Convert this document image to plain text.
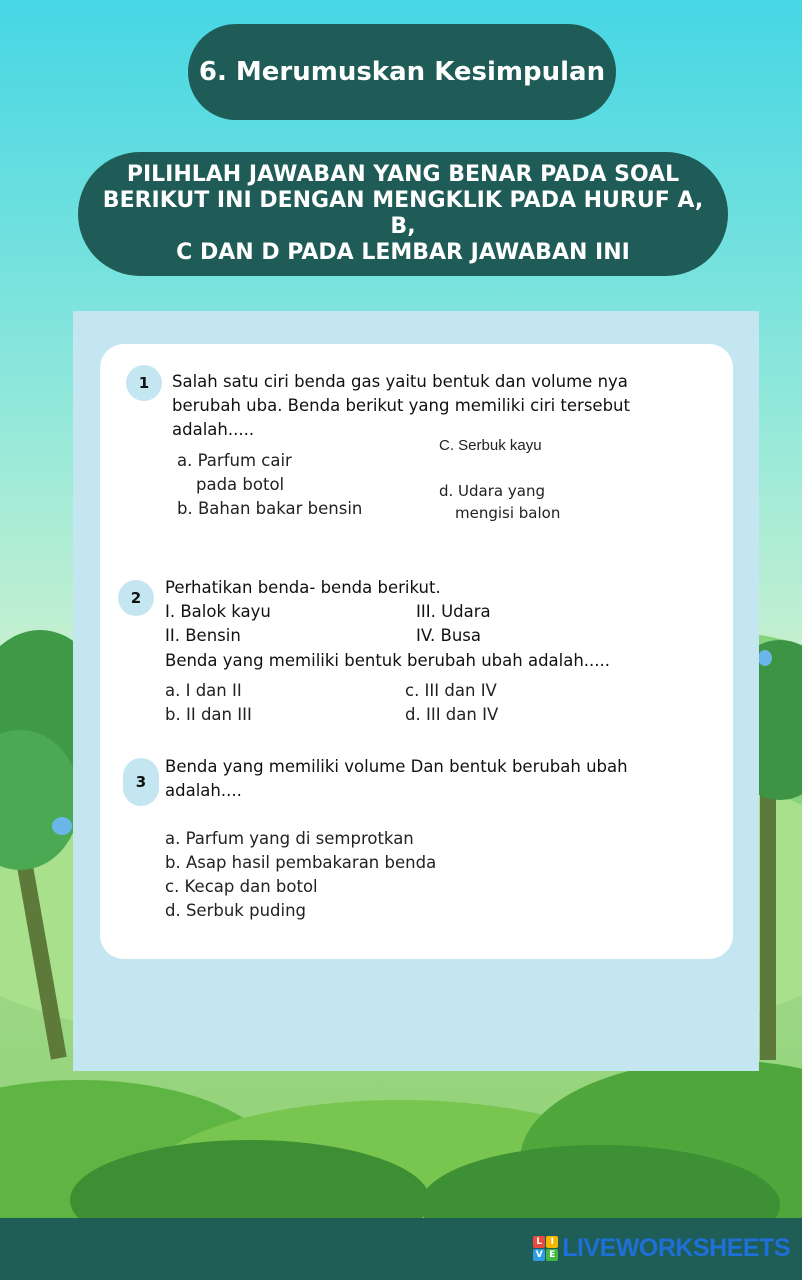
6. Merumuskan Kesimpulan
PILIHLAH JAWABAN YANG BENAR PADA SOAL
BERIKUT INI DENGAN MENGKLIK PADA HURUF A, B,
C DAN D PADA LEMBAR JAWABAN INI
1	Salah satu ciri benda gas yaitu bentuk dan volume nya
berubah uba. Benda berikut yang memiliki ciri tersebut
adalah.....
a. Parfum cair
pada botol
b. Bahan bakar bensin
C. Serbuk kayu
d. Udara yang
mengisi balon
2
Perhatikan benda- benda berikut.
I. Balok kayu
II. Bensin
III. Udara
IV. Busa
Benda yang memiliki bentuk berubah ubah adalah.....
a. I dan II
b. II dan III
c. III dan IV
d. III dan IV
3
Benda yang memiliki volume Dan bentuk berubah ubah
adalah....
a. Parfum yang di semprotkan
b. Asap hasil pembakaran benda
c. Kecap dan botol
d. Serbuk puding
L I
V E LIVEWORKSHEETS
